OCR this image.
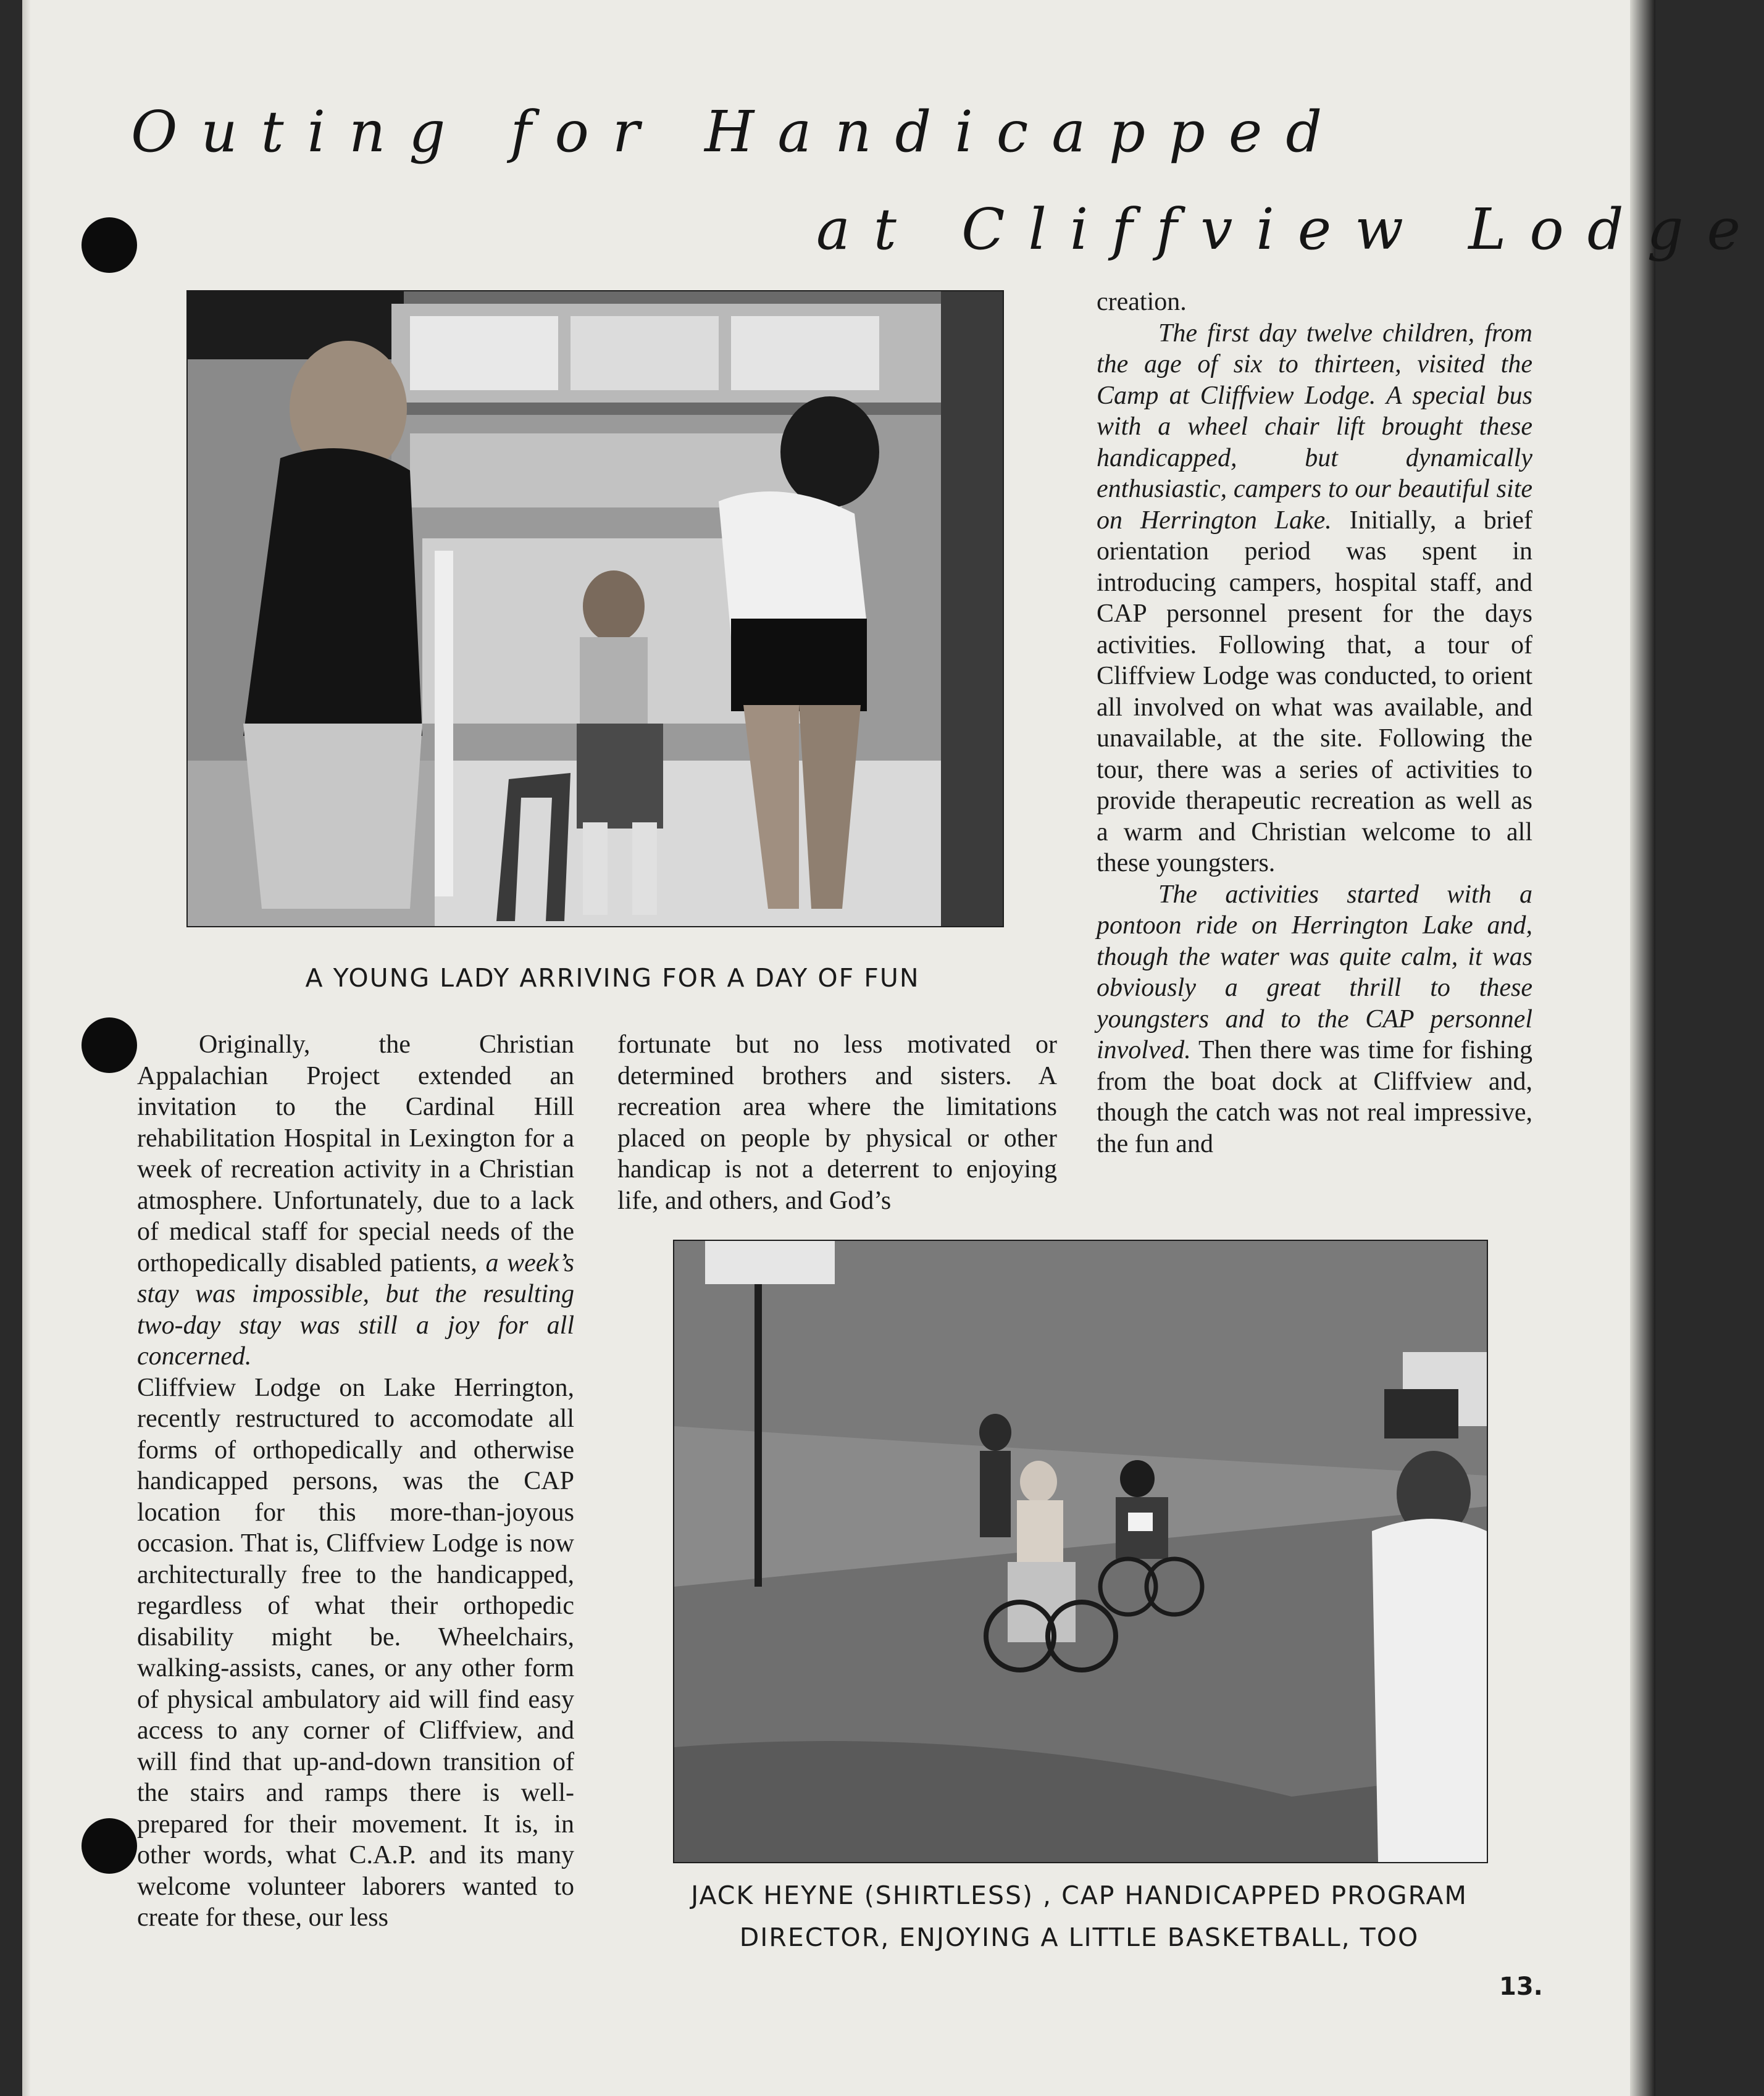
Outing for Handicapped
at Cliffview Lodge

A YOUNG LADY ARRIVING FOR A DAY OF FUN

JACK HEYNE (SHIRTLESS) , CAP HANDICAPPED PROGRAM
DIRECTOR, ENJOYING A LITTLE BASKETBALL, TOO

Originally, the Christian Appalachian Project extended an invitation to the Cardinal Hill rehabilitation Hospital in Lexington for a week of recreation activity in a Christian atmosphere. Unfortunately, due to a lack of medical staff for special needs of the orthopedically disabled patients, a week’s stay was impossible, but the resulting two-day stay was still a joy for all concerned.

Cliffview Lodge on Lake Herrington, recently restructured to accomodate all forms of orthopedically and otherwise handicapped persons, was the CAP location for this more-than-joyous occasion. That is, Cliffview Lodge is now architecturally free to the handicapped, regardless of what their orthopedic disability might be. Wheelchairs, walking-assists, canes, or any other form of physical ambulatory aid will find easy access to any corner of Cliffview, and will find that up-and-down transition of the stairs and ramps there is well-prepared for their movement. It is, in other words, what C.A.P. and its many welcome volunteer laborers wanted to create for these, our less

fortunate but no less motivated or determined brothers and sisters. A recreation area where the limitations placed on people by physical or other handicap is not a deterrent to enjoying life, and others, and God’s

creation.

The first day twelve children, from the age of six to thirteen, visited the Camp at Cliffview Lodge. A special bus with a wheel chair lift brought these handicapped, but dynamically enthusiastic, campers to our beautiful site on Herrington Lake. Initially, a brief orientation period was spent in introducing campers, hospital staff, and CAP personnel present for the days activities. Following that, a tour of Cliffview Lodge was conducted, to orient all involved on what was available, and unavailable, at the site. Following the tour, there was a series of activities to provide therapeutic recreation as well as a warm and Christian welcome to all these youngsters.

The activities started with a pontoon ride on Herrington Lake and, though the water was quite calm, it was obviously a great thrill to these youngsters and to the CAP personnel involved. Then there was time for fishing from the boat dock at Cliffview and, though the catch was not real impressive, the fun and

13.
